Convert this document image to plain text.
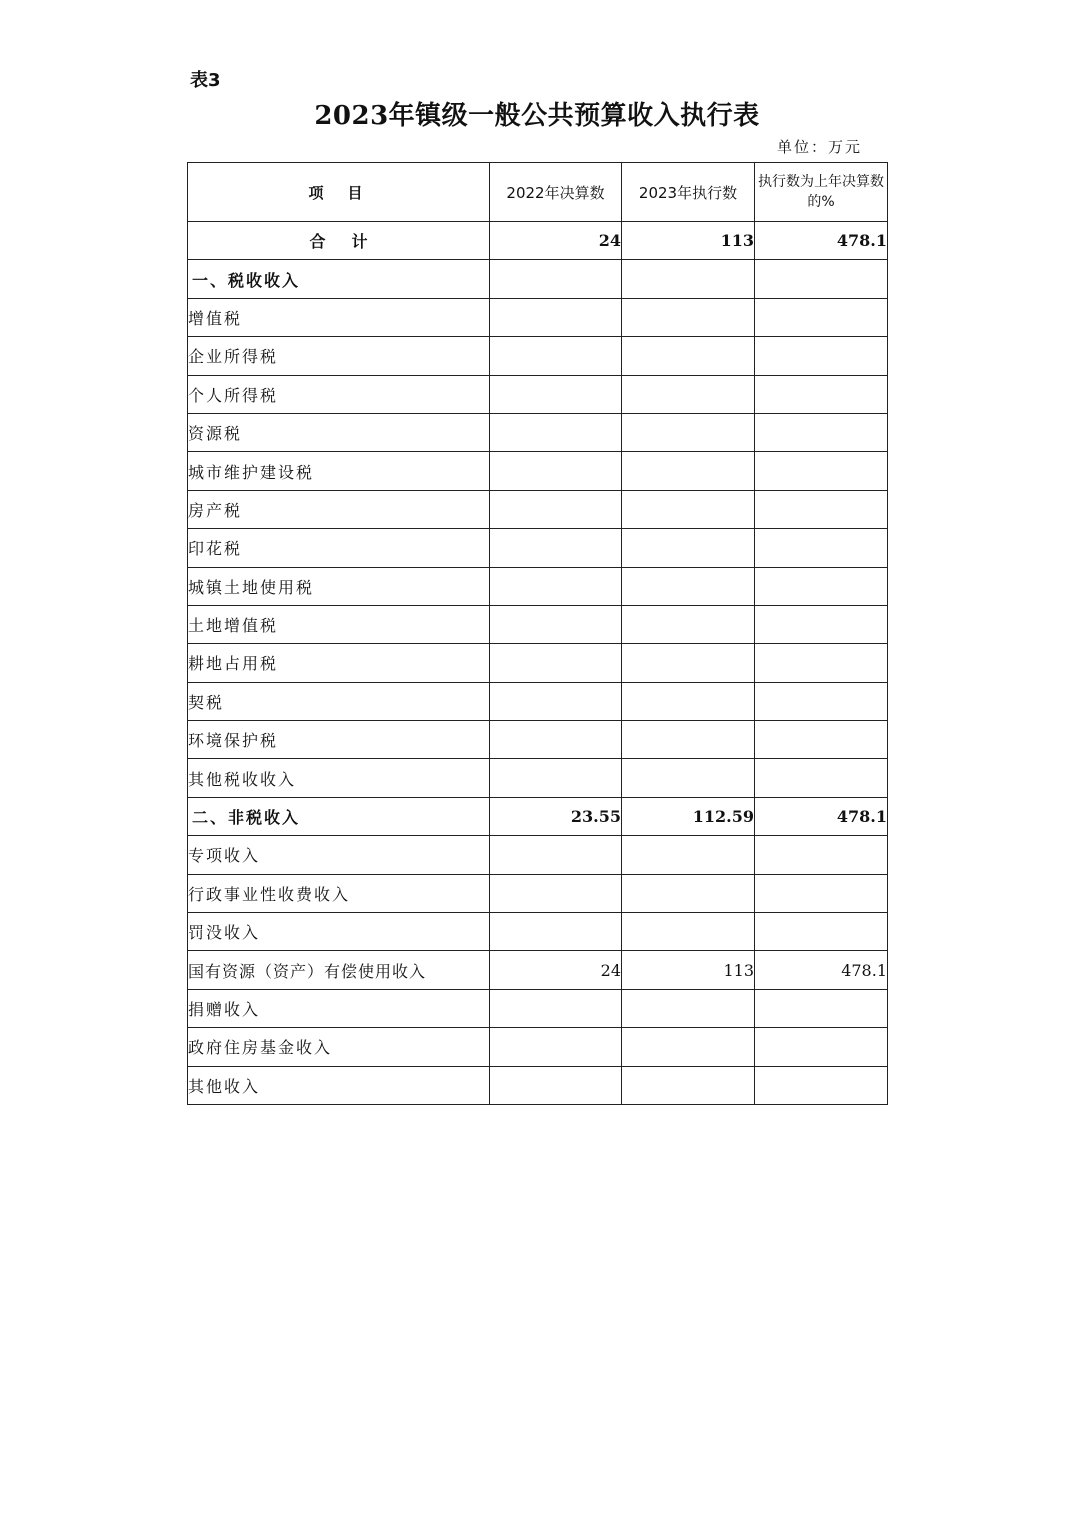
表3
2023年镇级一般公共预算收入执行表
单位：万元
项目	2022年决算数	2023年执行数	执行数为上年决算数的%
合计	24	113	478.1
一、税收收入			
增值税			
企业所得税			
个人所得税			
资源税			
城市维护建设税			
房产税			
印花税			
城镇土地使用税			
土地增值税			
耕地占用税			
契税			
环境保护税			
其他税收收入			
二、非税收入	23.55	112.59	478.1
专项收入			
行政事业性收费收入			
罚没收入			
国有资源（资产）有偿使用收入	24	113	478.1
捐赠收入			
政府住房基金收入			
其他收入			
